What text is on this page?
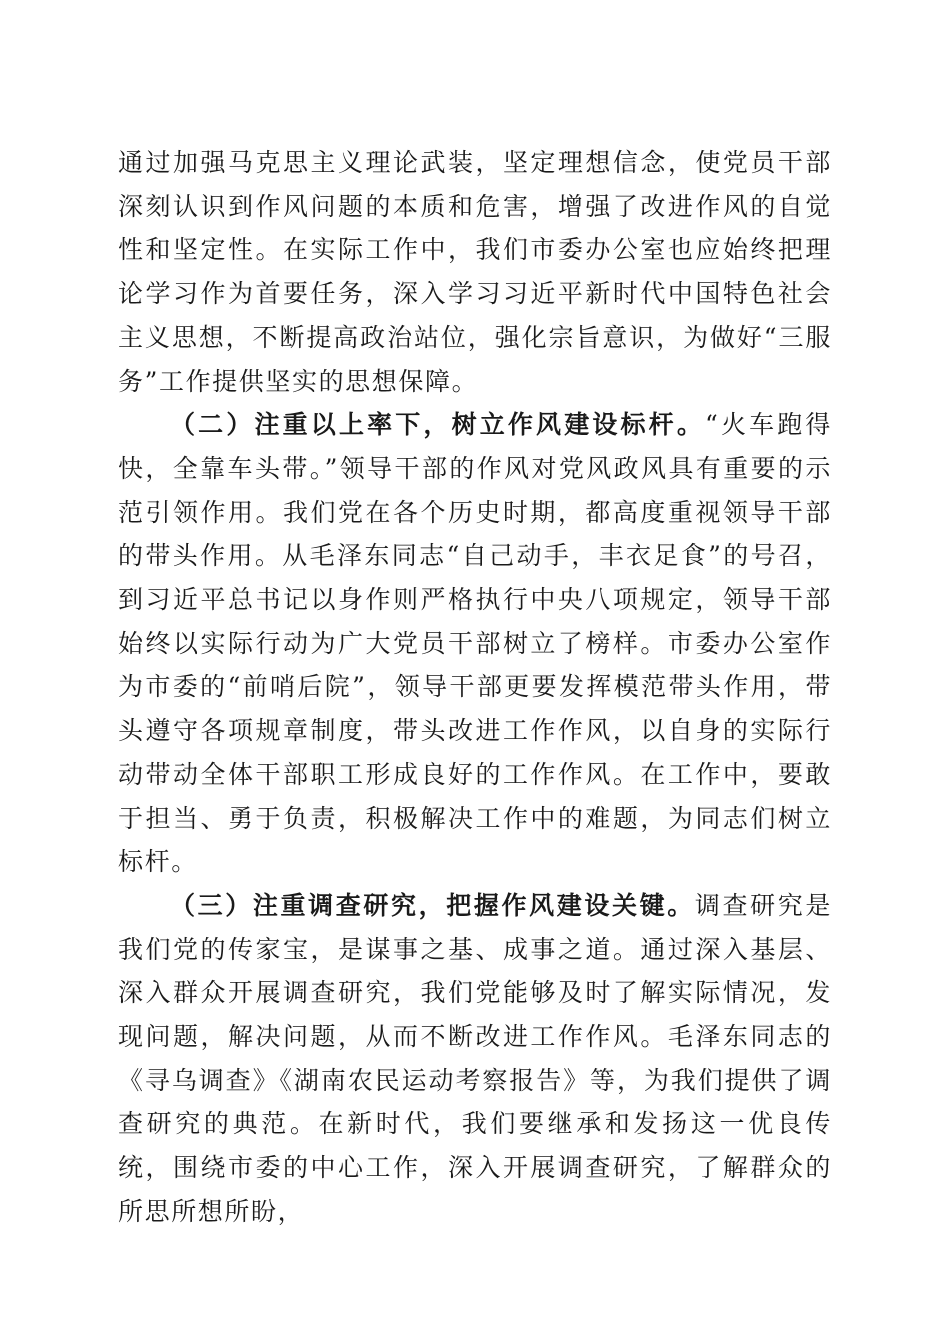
通过加强马克思主义理论武装，坚定理想信念，使党员干部深刻认识到作风问题的本质和危害，增强了改进作风的自觉性和坚定性。在实际工作中，我们市委办公室也应始终把理论学习作为首要任务，深入学习习近平新时代中国特色社会主义思想，不断提高政治站位，强化宗旨意识，为做好“三服务”工作提供坚实的思想保障。

（二）注重以上率下，树立作风建设标杆。“火车跑得快，全靠车头带。”领导干部的作风对党风政风具有重要的示范引领作用。我们党在各个历史时期，都高度重视领导干部的带头作用。从毛泽东同志“自己动手，丰衣足食”的号召，到习近平总书记以身作则严格执行中央八项规定，领导干部始终以实际行动为广大党员干部树立了榜样。市委办公室作为市委的“前哨后院”，领导干部更要发挥模范带头作用，带头遵守各项规章制度，带头改进工作作风，以自身的实际行动带动全体干部职工形成良好的工作作风。在工作中，要敢于担当、勇于负责，积极解决工作中的难题，为同志们树立标杆。

（三）注重调查研究，把握作风建设关键。调查研究是我们党的传家宝，是谋事之基、成事之道。通过深入基层、深入群众开展调查研究，我们党能够及时了解实际情况，发现问题，解决问题，从而不断改进工作作风。毛泽东同志的《寻乌调查》《湖南农民运动考察报告》等，为我们提供了调查研究的典范。在新时代，我们要继承和发扬这一优良传统，围绕市委的中心工作，深入开展调查研究，了解群众的所思所想所盼，
